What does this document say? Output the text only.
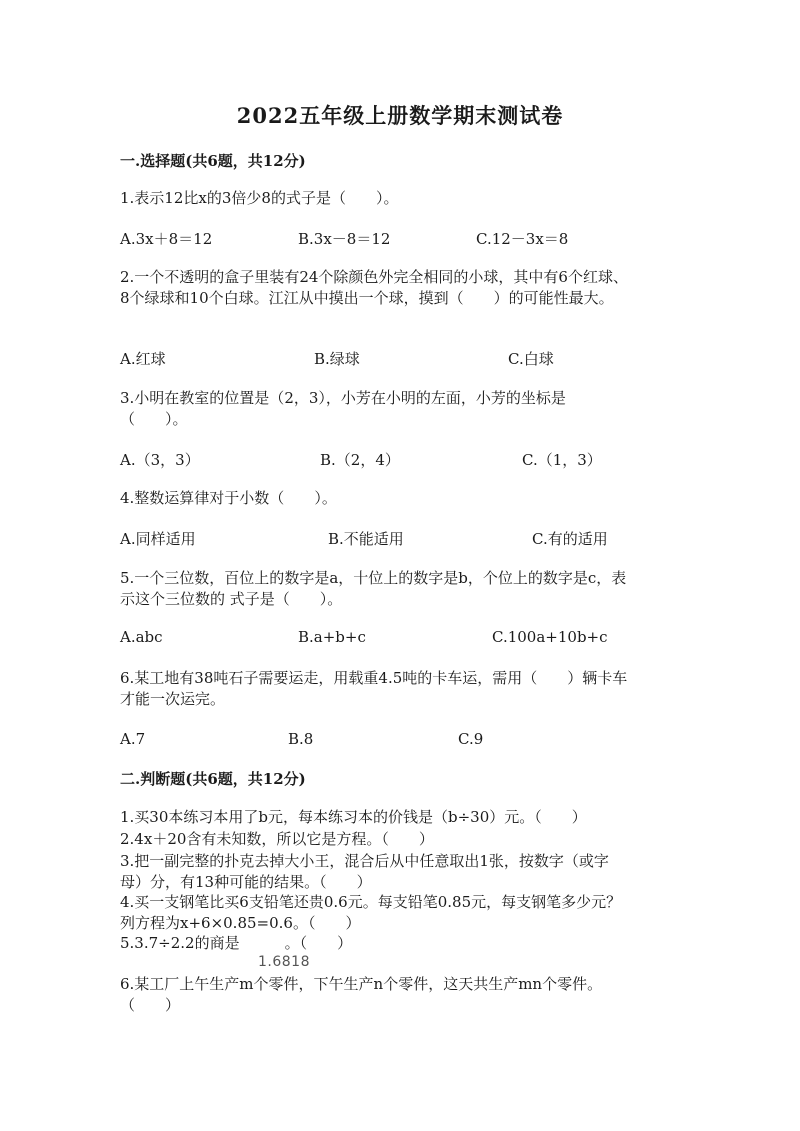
2022五年级上册数学期末测试卷
一.选择题(共6题，共12分)
1.表示12比x的3倍少8的式子是（　　）。
A.3x＋8＝12	B.3x－8＝12	C.12－3x＝8
2.一个不透明的盒子里装有24个除颜色外完全相同的小球，其中有6个红球、
8个绿球和10个白球。江江从中摸出一个球，摸到（　　）的可能性最大。
A.红球	B.绿球	C.白球
3.小明在教室的位置是（2，3），小芳在小明的左面，小芳的坐标是
（　　）。
A.（3，3）	B.（2，4）	C.（1，3）
4.整数运算律对于小数（　　）。
A.同样适用	B.不能适用	C.有的适用
5.一个三位数，百位上的数字是a，十位上的数字是b，个位上的数字是c，表
示这个三位数的 式子是（　　）。
A.abc	B.a+b+c	C.100a+10b+c
6.某工地有38吨石子需要运走，用载重4.5吨的卡车运，需用（　　）辆卡车
才能一次运完。
A.7	B.8	C.9
二.判断题(共6题，共12分)
1.买30本练习本用了b元，每本练习本的价钱是（b÷30）元。（　　）
2.4x＋20含有未知数，所以它是方程。（　　）
3.把一副完整的扑克去掉大小王，混合后从中任意取出1张，按数字（或字
母）分，有13种可能的结果。（　　）
4.买一支钢笔比买6支铅笔还贵0.6元。每支铅笔0.85元，每支钢笔多少元？
列方程为x+6×0.85=0.6。（　　）
5.3.7÷2.2的商是　　　。（　　）
1.6818
6.某工厂上午生产m个零件，下午生产n个零件，这天共生产mn个零件。
（　　）
